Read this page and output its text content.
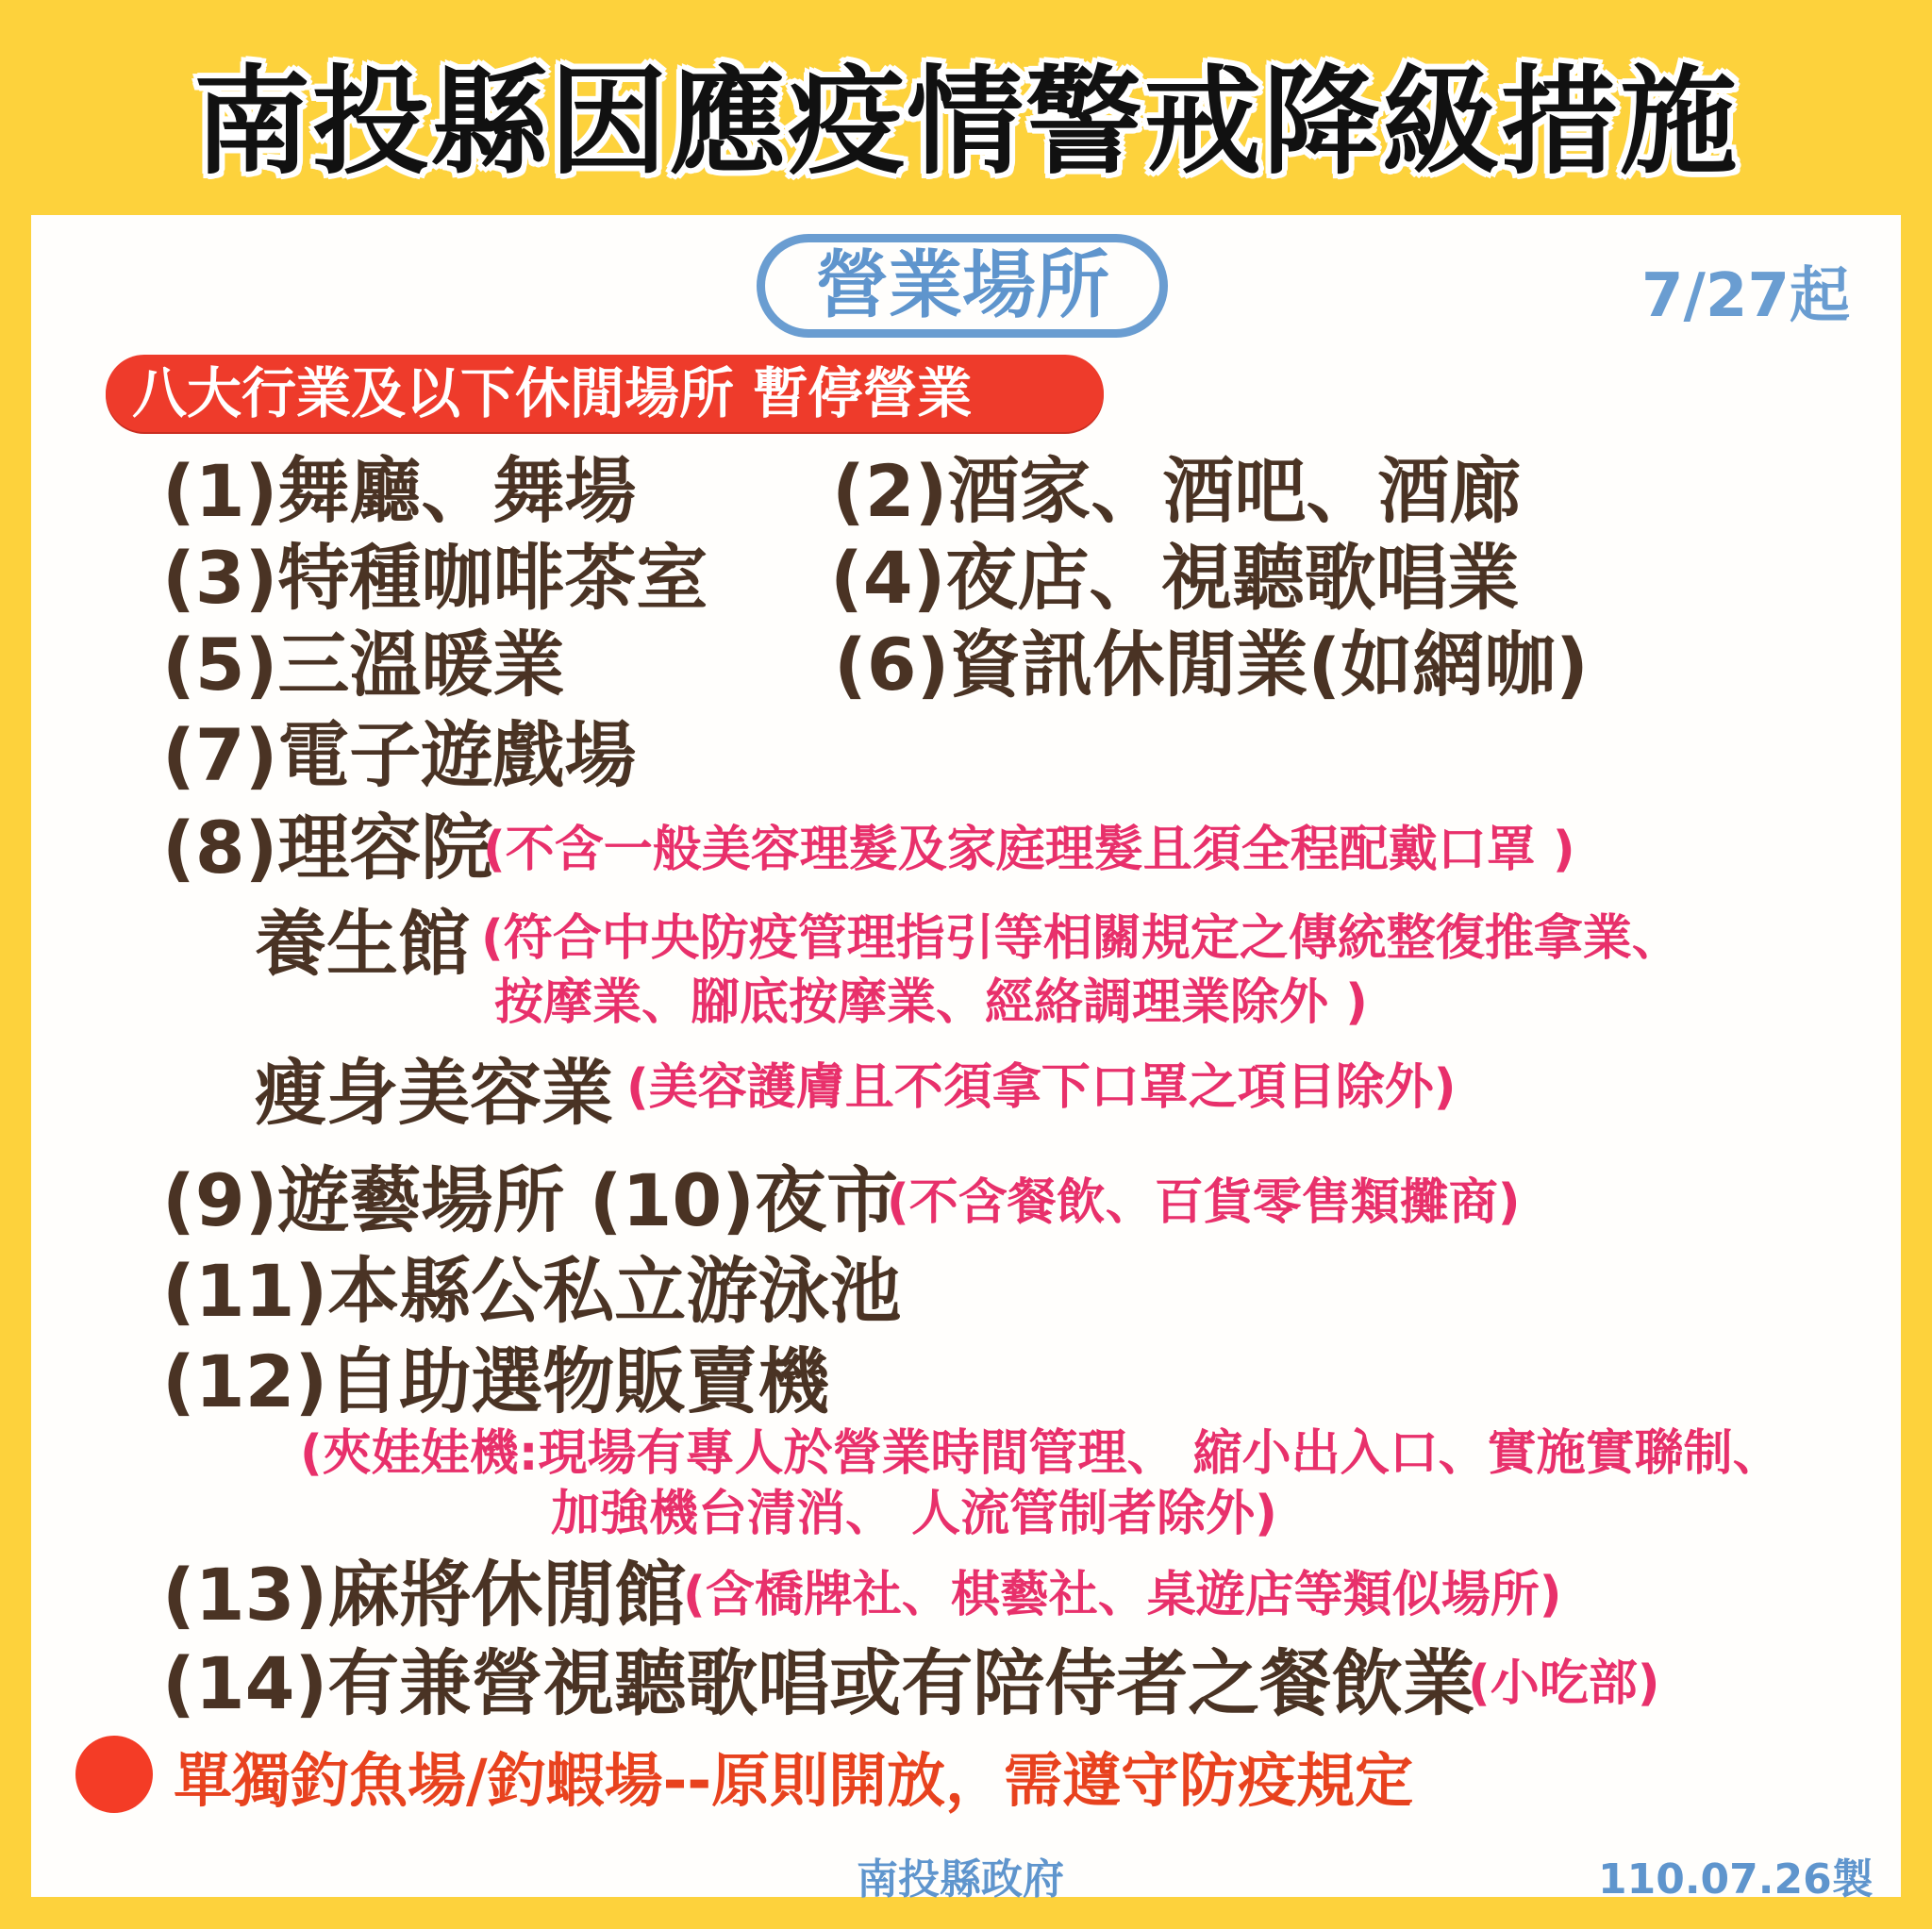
南投縣因應疫情警戒降級措施
營業場所	7/27起
八大行業及以下休閒場所 暫停營業
(1)舞廳、舞場	(2)酒家、酒吧、酒廊
(3)特種咖啡茶室 (4)夜店、視聽歌唱業
(5)三溫暖業	(6)資訊休閒業(如網咖)
(7)電子遊戲場
(8)理容院
(不含一般美容理髮及家庭理髮且須全程配戴口罩 )
養生館 (符合中央防疫管理指引等相關規定之傳統整復推拿業、
按摩業、腳底按摩業、經絡調理業除外 )
瘦身美容業 (美容護膚且不須拿下口罩之項目除外)
(9)遊藝場所 (10)夜市
(不含餐飲、百貨零售類攤商)
(11)本縣公私立游泳池
(12)自助選物販賣機
(夾娃娃機:現場有專人於營業時間管理、 縮小出入口、實施實聯制、
加強機台清消、 人流管制者除外)
(13)麻將休閒館
(含橋牌社、棋藝社、桌遊店等類似場所)
(14)有兼營視聽歌唱或有陪侍者之餐飲業
(小吃部)
單獨釣魚場/釣蝦場--原則開放，需遵守防疫規定
南投縣政府	110.07.26製
